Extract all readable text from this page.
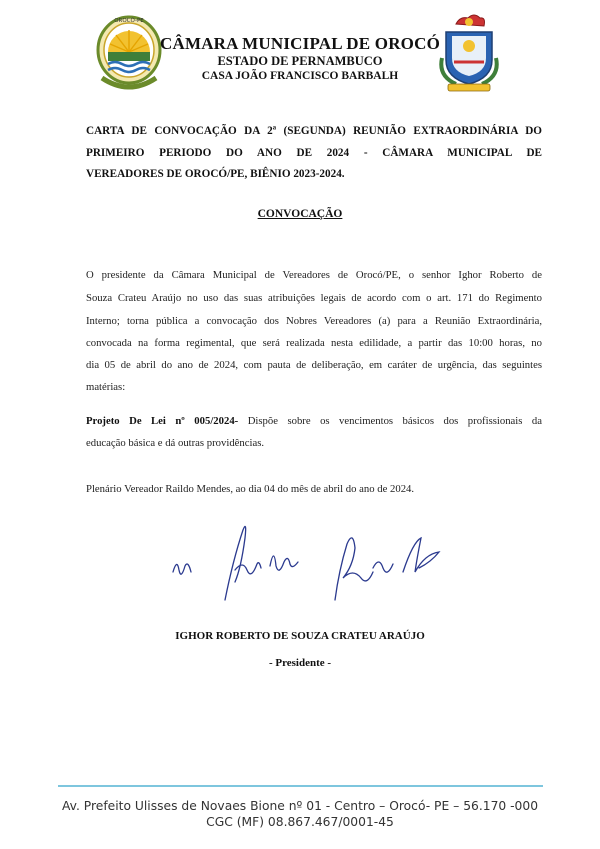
OROCÓ-PE
CÂMARA MUNICIPAL DE OROCÓ
ESTADO DE PERNAMBUCO
CASA JOÃO FRANCISCO BARBALH
CARTA DE CONVOCAÇÃO DA 2ª (SEGUNDA) REUNIÃO EXTRAORDINÁRIA DO
PRIMEIRO PERIODO DO ANO DE 2024 - CÂMARA MUNICIPAL DE
VEREADORES DE OROCÓ/PE, BIÊNIO 2023-2024.
CONVOCAÇÃO
O presidente da Câmara Municipal de Vereadores de Orocó/PE, o senhor Ighor Roberto de
Souza Crateu Araújo no uso das suas atribuições legais de acordo com o art. 171 do Regimento
Interno; torna pública a convocação dos Nobres Vereadores (a) para a Reunião Extraordinária,
convocada na forma regimental, que será realizada nesta edilidade, a partir das 10:00 horas, no
dia 05 de abril do ano de 2024, com pauta de deliberação, em caráter de urgência, das seguintes
matérias:
Projeto De Lei nº 005/2024- Dispõe sobre os vencimentos básicos dos profissionais da
educação básica e dá outras providências.
Plenário Vereador Raildo Mendes, ao dia 04 do mês de abril do ano de 2024.
IGHOR ROBERTO DE SOUZA CRATEU ARAÚJO
- Presidente -
Av. Prefeito Ulisses de Novaes Bione nº 01 - Centro – Orocó- PE – 56.170 -000
CGC (MF) 08.867.467/0001-45
